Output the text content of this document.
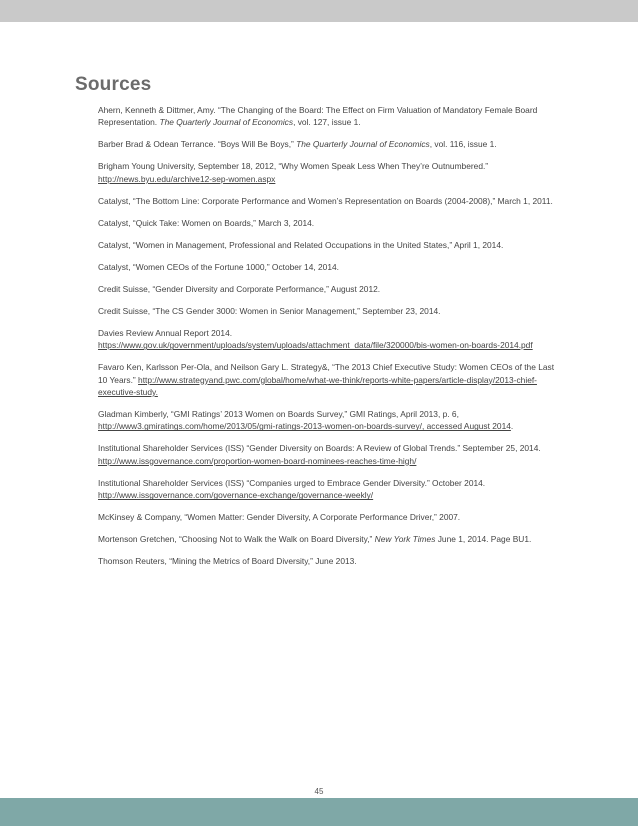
Sources

Ahern, Kenneth & Dittmer, Amy. “The Changing of the Board: The Effect on Firm Valuation of Mandatory Female Board Representation. The Quarterly Journal of Economics, vol. 127, issue 1.

Barber Brad & Odean Terrance. “Boys Will Be Boys,” The Quarterly Journal of Economics, vol. 116, issue 1.

Brigham Young University, September 18, 2012, “Why Women Speak Less When They’re Outnumbered.” http://news.byu.edu/archive12-sep-women.aspx

Catalyst, “The Bottom Line: Corporate Performance and Women’s Representation on Boards (2004-2008),” March 1, 2011.

Catalyst, “Quick Take: Women on Boards,” March 3, 2014.

Catalyst, “Women in Management, Professional and Related Occupations in the United States,” April 1, 2014.

Catalyst, “Women CEOs of the Fortune 1000,” October 14, 2014.

Credit Suisse, “Gender Diversity and Corporate Performance,” August 2012.

Credit Suisse, “The CS Gender 3000: Women in Senior Management,” September 23, 2014.

Davies Review Annual Report 2014. https://www.gov.uk/government/uploads/system/uploads/attachment_data/file/320000/bis-women-on-boards-2014.pdf

Favaro Ken, Karlsson Per-Ola, and Neilson Gary L. Strategy&, “The 2013 Chief Executive Study: Women CEOs of the Last 10 Years.” http://www.strategyand.pwc.com/global/home/what-we-think/reports-white-papers/article-display/2013-chief-executive-study.

Gladman Kimberly, “GMI Ratings’ 2013 Women on Boards Survey,” GMI Ratings, April 2013, p. 6, http://www3.gmiratings.com/home/2013/05/gmi-ratings-2013-women-on-boards-survey/, accessed August 2014.

Institutional Shareholder Services (ISS) “Gender Diversity on Boards: A Review of Global Trends.” September 25, 2014. http://www.issgovernance.com/proportion-women-board-nominees-reaches-time-high/

Institutional Shareholder Services (ISS) “Companies urged to Embrace Gender Diversity.” October 2014. http://www.issgovernance.com/governance-exchange/governance-weekly/

McKinsey & Company, “Women Matter: Gender Diversity, A Corporate Performance Driver,” 2007.

Mortenson Gretchen, “Choosing Not to Walk the Walk on Board Diversity,” New York Times June 1, 2014. Page BU1.

Thomson Reuters, “Mining the Metrics of Board Diversity,” June 2013.

45
